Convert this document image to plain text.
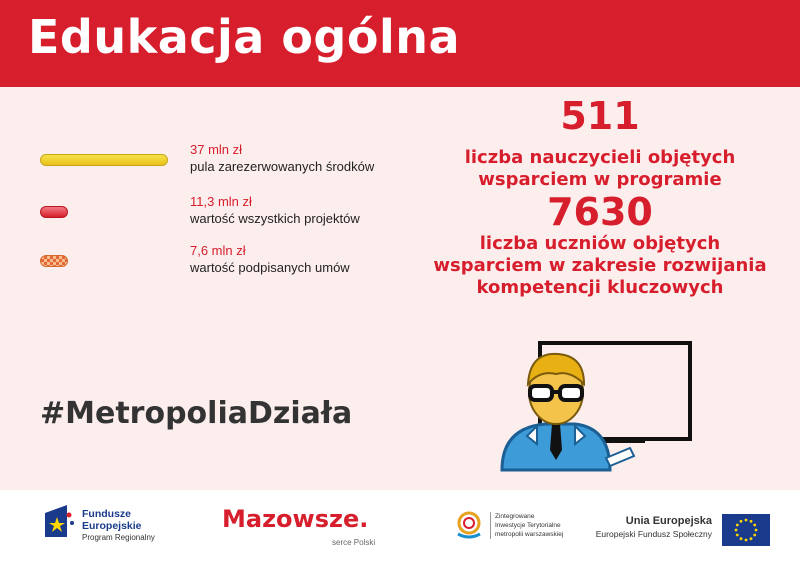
Edukacja ogólna
37 mln zł
pula zarezerwowanych środków
11,3 mln zł
wartość wszystkich projektów
7,6 mln zł
wartość podpisanych umów
511
liczba nauczycieli objętych
wsparciem w programie
7630
liczba uczniów objętych
wsparciem w zakresie rozwijania
kompetencji kluczowych
#MetropoliaDziała
Fundusze
Europejskie
Program Regionalny
Mazowsze.
serce Polski
Zintegrowane
Inwestycje Terytorialne
metropolii warszawskiej
Unia Europejska
Europejski Fundusz Społeczny
